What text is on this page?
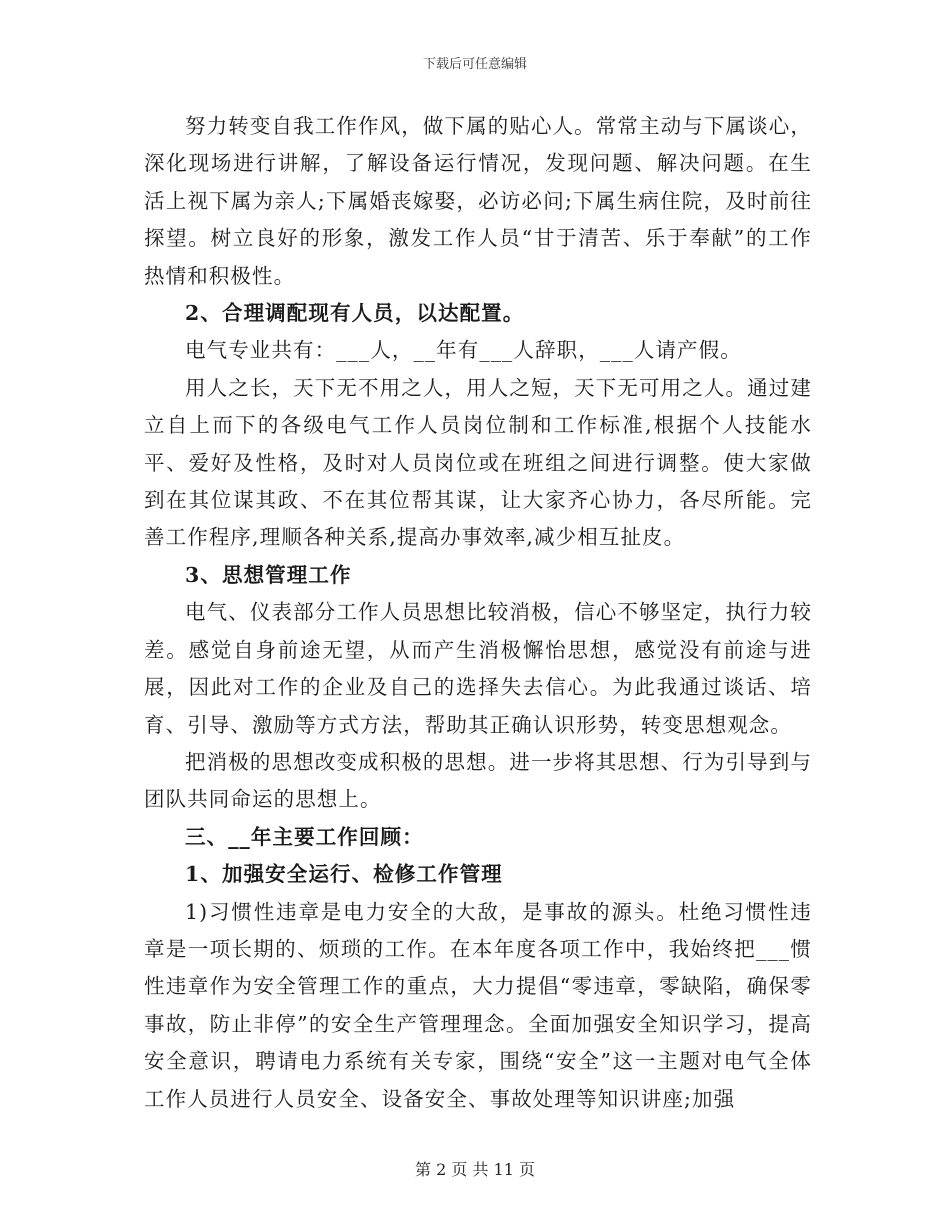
下载后可任意编辑

努力转变自我工作作风，做下属的贴心人。常常主动与下属谈心，深化现场进行讲解，了解设备运行情况，发现问题、解决问题。在生活上视下属为亲人;下属婚丧嫁娶，必访必问;下属生病住院，及时前往探望。树立良好的形象，激发工作人员“甘于清苦、乐于奉献”的工作热情和积极性。

2、合理调配现有人员，以达配置。

电气专业共有：___人，__年有___人辞职，___人请产假。

用人之长，天下无不用之人，用人之短，天下无可用之人。通过建立自上而下的各级电气工作人员岗位制和工作标准,根据个人技能水平、爱好及性格，及时对人员岗位或在班组之间进行调整。使大家做到在其位谋其政、不在其位帮其谋，让大家齐心协力，各尽所能。完善工作程序,理顺各种关系,提高办事效率,减少相互扯皮。

3、思想管理工作

电气、仪表部分工作人员思想比较消极，信心不够坚定，执行力较差。感觉自身前途无望，从而产生消极懈怡思想，感觉没有前途与进展，因此对工作的企业及自己的选择失去信心。为此我通过谈话、培育、引导、激励等方式方法，帮助其正确认识形势，转变思想观念。

把消极的思想改变成积极的思想。进一步将其思想、行为引导到与团队共同命运的思想上。

三、__年主要工作回顾：

1、加强安全运行、检修工作管理

1)习惯性违章是电力安全的大敌，是事故的源头。杜绝习惯性违章是一项长期的、烦琐的工作。在本年度各项工作中，我始终把___惯性违章作为安全管理工作的重点，大力提倡“零违章，零缺陷，确保零事故，防止非停”的安全生产管理理念。全面加强安全知识学习，提高安全意识，聘请电力系统有关专家，围绕“安全”这一主题对电气全体工作人员进行人员安全、设备安全、事故处理等知识讲座;加强

第 2 页 共 11 页
